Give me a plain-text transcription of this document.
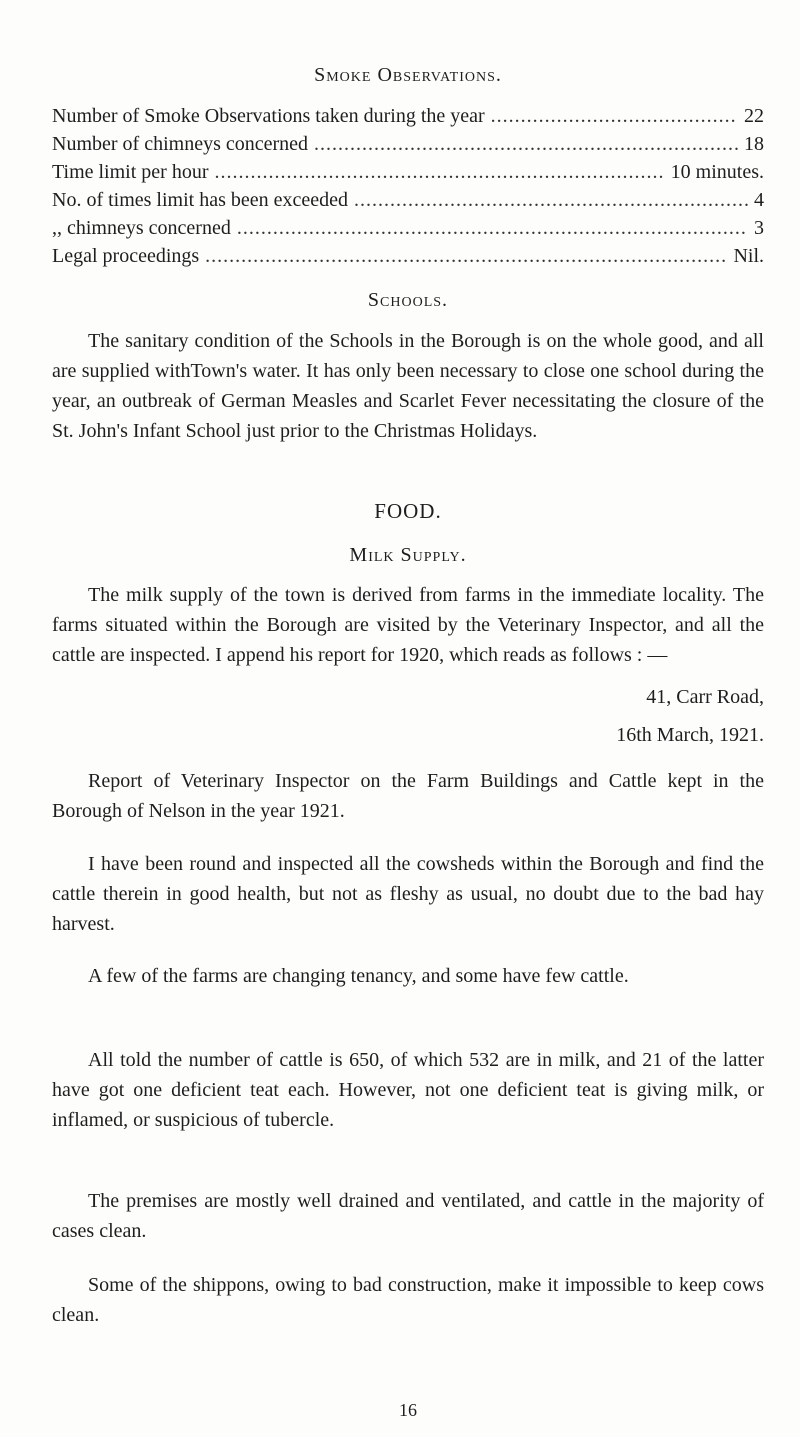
Smoke Observations.
Number of Smoke Observations taken during the year .....	22
Number of chimneys concerned .....	18
Time limit per hour .....	10 minutes.
No. of times limit has been exceeded .....	4
,, chimneys concerned .....	3
Legal proceedings .....	Nil.
Schools.
The sanitary condition of the Schools in the Borough is on the whole good, and all are supplied withTown's water. It has only been necessary to close one school during the year, an outbreak of German Measles and Scarlet Fever necessitating the closure of the St. John's Infant School just prior to the Christmas Holidays.
FOOD.
Milk Supply.
The milk supply of the town is derived from farms in the immediate locality. The farms situated within the Borough are visited by the Veterinary Inspector, and all the cattle are inspected. I append his report for 1920, which reads as follows : —
41, Carr Road,
16th March, 1921.
Report of Veterinary Inspector on the Farm Buildings and Cattle kept in the Borough of Nelson in the year 1921.
I have been round and inspected all the cowsheds within the Borough and find the cattle therein in good health, but not as fleshy as usual, no doubt due to the bad hay harvest.
A few of the farms are changing tenancy, and some have few cattle.
All told the number of cattle is 650, of which 532 are in milk, and 21 of the latter have got one deficient teat each. However, not one deficient teat is giving milk, or inflamed, or suspicious of tubercle.
The premises are mostly well drained and ventilated, and cattle in the majority of cases clean.
Some of the shippons, owing to bad construction, make it impossible to keep cows clean.
16
